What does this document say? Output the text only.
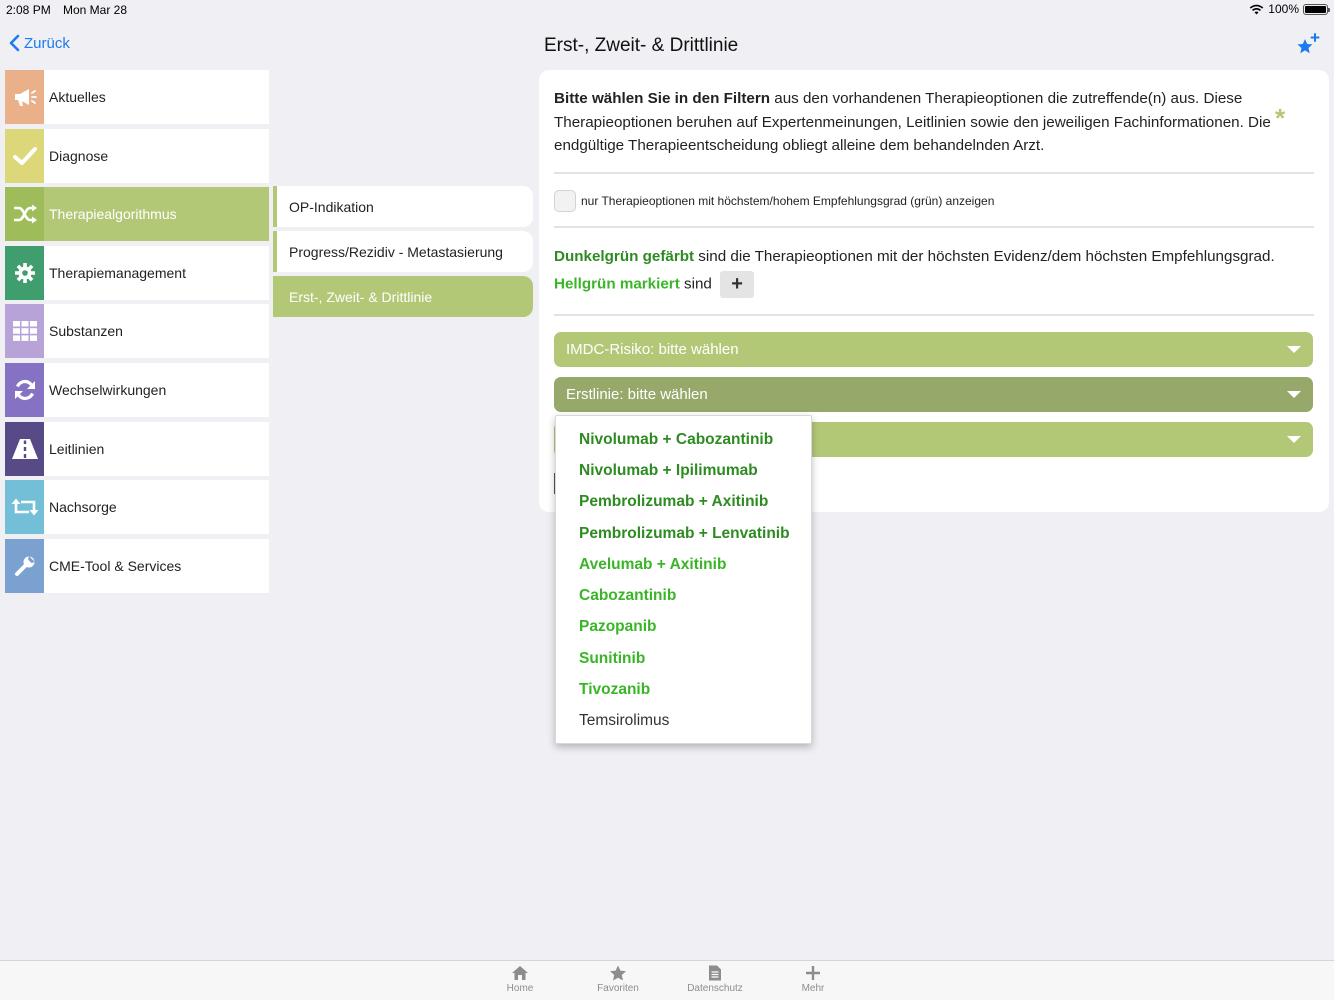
2:08 PM Mon Mar 28	100%
Zurück	Erst-, Zweit- & Drittlinie
Aktuelles
Diagnose
Therapiealgorithmus
Therapiemanagement
Substanzen
Wechselwirkungen
Leitlinien
Nachsorge
CME-Tool & Services
OP-Indikation
Progress/Rezidiv - Metastasierung
Erst-, Zweit- & Drittlinie

Bitte wählen Sie in den Filtern aus den vorhandenen Therapieoptionen die zutreffende(n) aus. Diese Therapieoptionen beruhen auf Expertenmeinungen, Leitlinien sowie den jeweiligen Fachinformationen. Die endgültige Therapieentscheidung obliegt alleine dem behandelnden Arzt.

*
nur Therapieoptionen mit höchstem/hohem Empfehlungsgrad (grün) anzeigen
Dunkelgrün gefärbt sind die Therapieoptionen mit der höchsten Evidenz/dem höchsten Empfehlungsgrad.
Hellgrün markiert sind +
IMDC-Risiko: bitte wählen
Erstlinie: bitte wählen
Nivolumab + Cabozantinib
Nivolumab + Ipilimumab
Pembrolizumab + Axitinib
Pembrolizumab + Lenvatinib
Avelumab + Axitinib
Cabozantinib
Pazopanib
Sunitinib
Tivozanib
Temsirolimus
Home	Favoriten	Datenschutz	Mehr
